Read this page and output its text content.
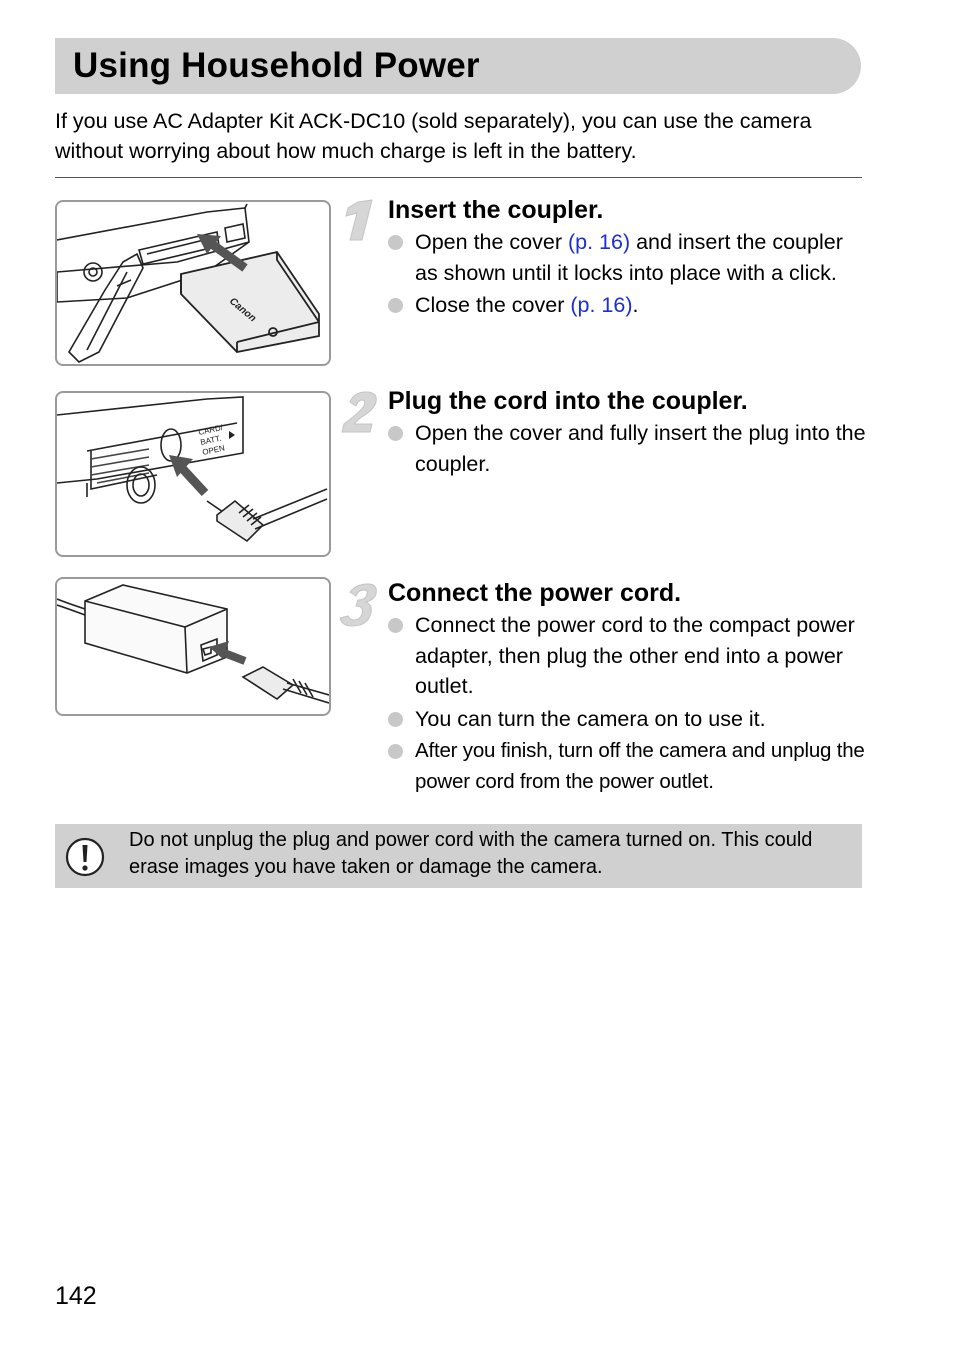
Using Household Power
If you use AC Adapter Kit ACK-DC10 (sold separately), you can use the camera without worrying about how much charge is left in the battery.
Canon
Insert the coupler.
Open the cover (p. 16) and insert the coupler as shown until it locks into place with a click.
Close the cover (p. 16).
CARD/
BATT.
OPEN
Plug the cord into the coupler.
Open the cover and fully insert the plug into the coupler.
Connect the power cord.
Connect the power cord to the compact power adapter, then plug the other end into a power outlet.
You can turn the camera on to use it.
After you finish, turn off the camera and unplug the power cord from the power outlet.
Do not unplug the plug and power cord with the camera turned on. This could erase images you have taken or damage the camera.
142
